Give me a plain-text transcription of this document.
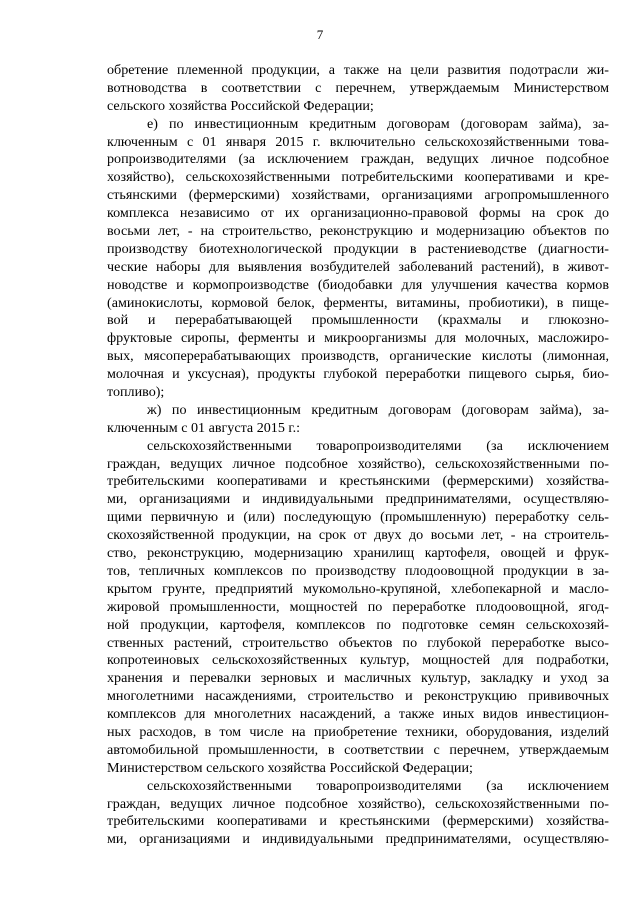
7
обретение племенной продукции, а также на цели развития подотрасли жи-
вотноводства в соответствии с перечнем, утверждаемым Министерством
сельского хозяйства Российской Федерации;
е) по инвестиционным кредитным договорам (договорам займа), за-
ключенным с 01 января 2015 г. включительно сельскохозяйственными това-
ропроизводителями (за исключением граждан, ведущих личное подсобное
хозяйство), сельскохозяйственными потребительскими кооперативами и кре-
стьянскими (фермерскими) хозяйствами, организациями агропромышленного
комплекса независимо от их организационно-правовой формы на срок до
восьми лет, - на строительство, реконструкцию и модернизацию объектов по
производству биотехнологической продукции в растениеводстве (диагности-
ческие наборы для выявления возбудителей заболеваний растений), в живот-
новодстве и кормопроизводстве (биодобавки для улучшения качества кормов
(аминокислоты, кормовой белок, ферменты, витамины, пробиотики), в пище-
вой и перерабатывающей промышленности (крахмалы и глюкозно-
фруктовые сиропы, ферменты и микроорганизмы для молочных, масложиро-
вых, мясоперерабатывающих производств, органические кислоты (лимонная,
молочная и уксусная), продукты глубокой переработки пищевого сырья, био-
топливо);
ж) по инвестиционным кредитным договорам (договорам займа), за-
ключенным с 01 августа 2015 г.:
сельскохозяйственными товаропроизводителями (за исключением
граждан, ведущих личное подсобное хозяйство), сельскохозяйственными по-
требительскими кооперативами и крестьянскими (фермерскими) хозяйства-
ми, организациями и индивидуальными предпринимателями, осуществляю-
щими первичную и (или) последующую (промышленную) переработку сель-
скохозяйственной продукции, на срок от двух до восьми лет, - на строитель-
ство, реконструкцию, модернизацию хранилищ картофеля, овощей и фрук-
тов, тепличных комплексов по производству плодоовощной продукции в за-
крытом грунте, предприятий мукомольно-крупяной, хлебопекарной и масло-
жировой промышленности, мощностей по переработке плодоовощной, ягод-
ной продукции, картофеля, комплексов по подготовке семян сельскохозяй-
ственных растений, строительство объектов по глубокой переработке высо-
копротеиновых сельскохозяйственных культур, мощностей для подработки,
хранения и перевалки зерновых и масличных культур, закладку и уход за
многолетними насаждениями, строительство и реконструкцию прививочных
комплексов для многолетних насаждений, а также иных видов инвестицион-
ных расходов, в том числе на приобретение техники, оборудования, изделий
автомобильной промышленности, в соответствии с перечнем, утверждаемым
Министерством сельского хозяйства Российской Федерации;
сельскохозяйственными товаропроизводителями (за исключением
граждан, ведущих личное подсобное хозяйство), сельскохозяйственными по-
требительскими кооперативами и крестьянскими (фермерскими) хозяйства-
ми, организациями и индивидуальными предпринимателями, осуществляю-
